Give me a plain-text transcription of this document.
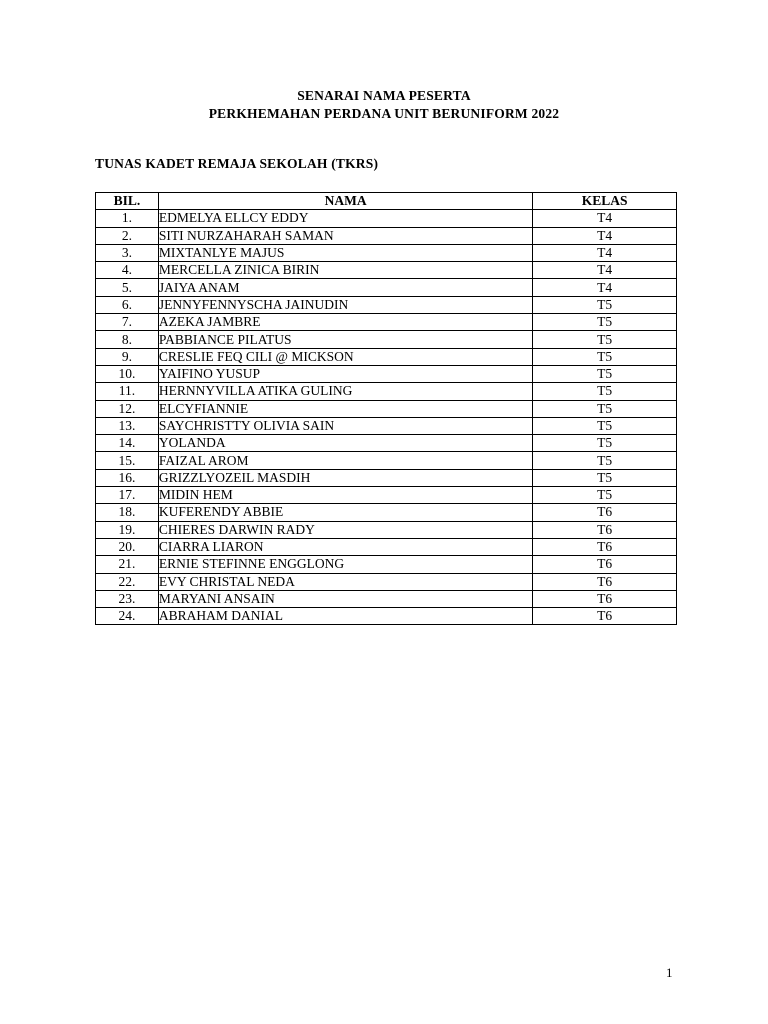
SENARAI NAMA PESERTA
PERKHEMAHAN PERDANA UNIT BERUNIFORM 2022
TUNAS KADET REMAJA SEKOLAH (TKRS)
BIL.	NAMA	KELAS
1.	EDMELYA ELLCY EDDY	T4
2.	SITI NURZAHARAH SAMAN	T4
3.	MIXTANLYE MAJUS	T4
4.	MERCELLA ZINICA BIRIN	T4
5.	JAIYA ANAM	T4
6.	JENNYFENNYSCHA JAINUDIN	T5
7.	AZEKA JAMBRE	T5
8.	PABBIANCE PILATUS	T5
9.	CRESLIE FEQ CILI @ MICKSON	T5
10.	YAIFINO YUSUP	T5
11.	HERNNYVILLA ATIKA GULING	T5
12.	ELCYFIANNIE	T5
13.	SAYCHRISTTY OLIVIA SAIN	T5
14.	YOLANDA	T5
15.	FAIZAL AROM	T5
16.	GRIZZLYOZEIL MASDIH	T5
17.	MIDIN HEM	T5
18.	KUFERENDY ABBIE	T6
19.	CHIERES DARWIN RADY	T6
20.	CIARRA LIARON	T6
21.	ERNIE STEFINNE ENGGLONG	T6
22.	EVY CHRISTAL NEDA	T6
23.	MARYANI ANSAIN	T6
24.	ABRAHAM DANIAL	T6
1
